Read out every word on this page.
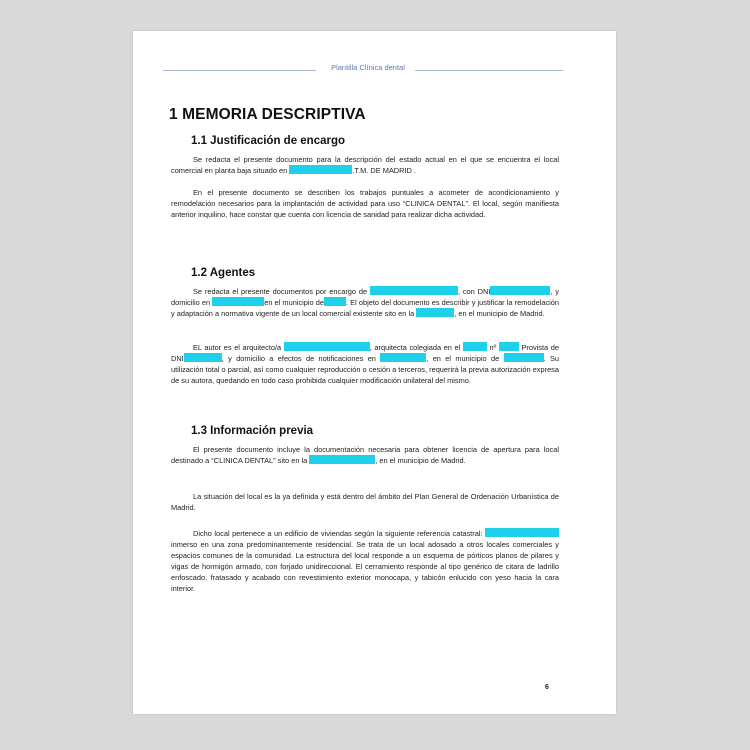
Plantilla Clínica dental
1 MEMORIA DESCRIPTIVA
1.1 Justificación de encargo
Se redacta el presente documento para la descripción del estado actual en el que se encuentra el local comercial en planta baja situado en	.T.M. DE MADRID .
En el presente documento se describen los trabajos puntuales a acometer de acondicionamiento y remodelación necesarios para la implantación de actividad para uso “CLINICA DENTAL”. El local, según manifiesta anterior inquilino, hace constar que cuenta con licencia de sanidad para realizar dicha actividad.
1.2 Agentes
Se redacta el presente documentos por encargo de	, con DNI	, y domicilio en	en el municipio de	. El objeto del documento es describir y justificar la remodelación y adaptación a normativa vigente de un local comercial existente sito en la	, en el municipio de Madrid.
EL autor es el arquitecto/a	, arquitecta colegiada en el	nº	Provista de DNI	, y domicilio a efectos de notificaciones en	, en el municipio de	. Su utilización total o parcial, así como cualquier reproducción o cesión a terceros, requerirá la previa autorización expresa de su autora, quedando en todo caso prohibida cualquier modificación unilateral del mismo.
1.3 Información previa
El presente documento incluye la documentación necesaria para obtener licencia de apertura para local destinado a “CLINICA DENTAL” sito en la	, en el municipio de Madrid.
La situación del local es la ya definida y está dentro del ámbito del Plan General de Ordenación Urbanística de Madrid.
Dicho local pertenece a un edificio de viviendas según la siguiente referencia catastral: inmerso en una zona predominantemente residencial. Se trata de un local adosado a otros locales comerciales y espacios comunes de la comunidad. La estructura del local responde a un esquema de pórticos planos de pilares y vigas de hormigón armado, con forjado unidireccional. El cerramiento responde al tipo genérico de citara de ladrillo enfoscado, fratasado y acabado con revestimiento exterior monocapa, y tabicón enlucido con yeso hacia la cara interior.
6
